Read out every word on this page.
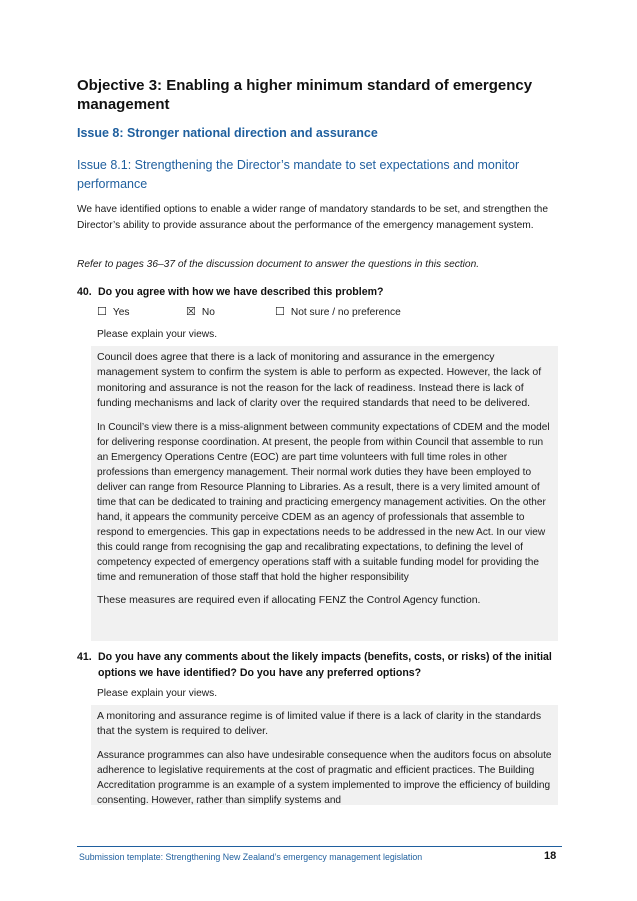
Objective 3: Enabling a higher minimum standard of emergency management
Issue 8: Stronger national direction and assurance
Issue 8.1: Strengthening the Director’s mandate to set expectations and monitor performance
We have identified options to enable a wider range of mandatory standards to be set, and strengthen the Director’s ability to provide assurance about the performance of the emergency management system.
Refer to pages 36–37 of the discussion document to answer the questions in this section.
40. Do you agree with how we have described this problem?
☐ Yes	☒ No	☐ Not sure / no preference
Please explain your views.

Council does agree that there is a lack of monitoring and assurance in the emergency management system to confirm the system is able to perform as expected. However, the lack of monitoring and assurance is not the reason for the lack of readiness. Instead there is lack of funding mechanisms and lack of clarity over the required standards that need to be delivered.

In Council’s view there is a miss-alignment between community expectations of CDEM and the model for delivering response coordination. At present, the people from within Council that assemble to run an Emergency Operations Centre (EOC) are part time volunteers with full time roles in other professions than emergency management. Their normal work duties they have been employed to deliver can range from Resource Planning to Libraries. As a result, there is a very limited amount of time that can be dedicated to training and practicing emergency management activities. On the other hand, it appears the community perceive CDEM as an agency of professionals that assemble to respond to emergencies. This gap in expectations needs to be addressed in the new Act. In our view this could range from recognising the gap and recalibrating expectations, to defining the level of competency expected of emergency operations staff with a suitable funding model for providing the time and remuneration of those staff that hold the higher responsibility

These measures are required even if allocating FENZ the Control Agency function.

41. Do you have any comments about the likely impacts (benefits, costs, or risks) of the initial options we have identified? Do you have any preferred options?
Please explain your views.

A monitoring and assurance regime is of limited value if there is a lack of clarity in the standards that the system is required to deliver.

Assurance programmes can also have undesirable consequence when the auditors focus on absolute adherence to legislative requirements at the cost of pragmatic and efficient practices. The Building Accreditation programme is an example of a system implemented to improve the efficiency of building consenting. However, rather than simplify systems and

Submission template: Strengthening New Zealand’s emergency management legislation	18
